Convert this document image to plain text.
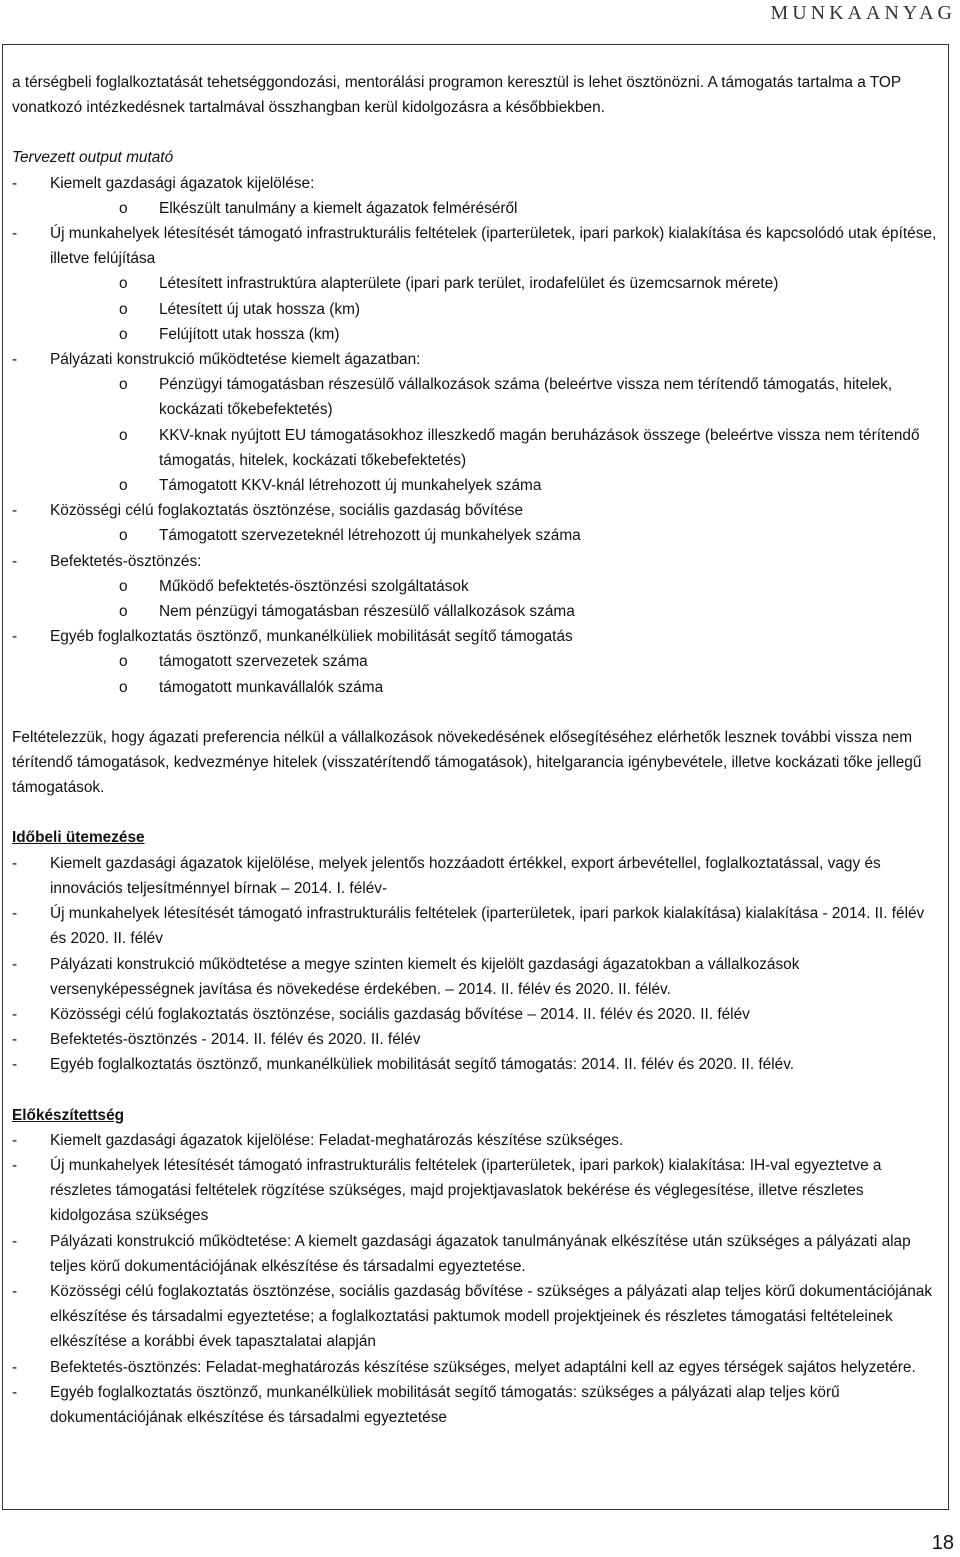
MUNKAANYAG

a térségbeli foglalkoztatását tehetséggondozási, mentorálási programon keresztül is lehet ösztönözni. A támogatás tartalma a TOP vonatkozó intézkedésnek tartalmával összhangban kerül kidolgozásra a későbbiekben.

Tervezett output mutató

- Kiemelt gazdasági ágazatok kijelölése:
o Elkészült tanulmány a kiemelt ágazatok felméréséről
- Új munkahelyek létesítését támogató infrastrukturális feltételek (iparterületek, ipari parkok) kialakítása és kapcsolódó utak építése, illetve felújítása
o Létesített infrastruktúra alapterülete (ipari park terület, irodafelület és üzemcsarnok mérete)
o Létesített új utak hossza (km)
o Felújított utak hossza (km)
- Pályázati konstrukció működtetése kiemelt ágazatban:
o Pénzügyi támogatásban részesülő vállalkozások száma (beleértve vissza nem térítendő támogatás, hitelek, kockázati tőkebefektetés)
o KKV-knak nyújtott EU támogatásokhoz illeszkedő magán beruházások összege (beleértve vissza nem térítendő támogatás, hitelek, kockázati tőkebefektetés)
o Támogatott KKV-knál létrehozott új munkahelyek száma
- Közösségi célú foglakoztatás ösztönzése, sociális gazdaság bővítése
o Támogatott szervezeteknél létrehozott új munkahelyek száma
- Befektetés-ösztönzés:
o Működő befektetés-ösztönzési szolgáltatások
o Nem pénzügyi támogatásban részesülő vállalkozások száma
- Egyéb foglalkoztatás ösztönző, munkanélküliek mobilitását segítő támogatás
o támogatott szervezetek száma
o támogatott munkavállalók száma

Feltételezzük, hogy ágazati preferencia nélkül a vállalkozások növekedésének elősegítéséhez elérhetők lesznek további vissza nem térítendő támogatások, kedvezménye hitelek (visszatérítendő támogatások), hitelgarancia igénybevétele, illetve kockázati tőke jellegű támogatások.

Időbeli ütemezése

- Kiemelt gazdasági ágazatok kijelölése, melyek jelentős hozzáadott értékkel, export árbevétellel, foglalkoztatással, vagy és innovációs teljesítménnyel bírnak – 2014. I. félév-
- Új munkahelyek létesítését támogató infrastrukturális feltételek (iparterületek, ipari parkok kialakítása) kialakítása - 2014. II. félév és 2020. II. félév
- Pályázati konstrukció működtetése a megye szinten kiemelt és kijelölt gazdasági ágazatokban a vállalkozások versenyképességnek javítása és növekedése érdekében. – 2014. II. félév és 2020. II. félév.
- Közösségi célú foglakoztatás ösztönzése, sociális gazdaság bővítése – 2014. II. félév és 2020. II. félév
- Befektetés-ösztönzés - 2014. II. félév és 2020. II. félév
- Egyéb foglalkoztatás ösztönző, munkanélküliek mobilitását segítő támogatás: 2014. II. félév és 2020. II. félév.

Előkészítettség

- Kiemelt gazdasági ágazatok kijelölése: Feladat-meghatározás készítése szükséges.
- Új munkahelyek létesítését támogató infrastrukturális feltételek (iparterületek, ipari parkok) kialakítása: IH-val egyeztetve a részletes támogatási feltételek rögzítése szükséges, majd projektjavaslatok bekérése és véglegesítése, illetve részletes kidolgozása szükséges
- Pályázati konstrukció működtetése: A kiemelt gazdasági ágazatok tanulmányának elkészítése után szükséges a pályázati alap teljes körű dokumentációjának elkészítése és társadalmi egyeztetése.
- Közösségi célú foglakoztatás ösztönzése, sociális gazdaság bővítése - szükséges a pályázati alap teljes körű dokumentációjának elkészítése és társadalmi egyeztetése; a foglalkoztatási paktumok modell projektjeinek és részletes támogatási feltételeinek elkészítése a korábbi évek tapasztalatai alapján
- Befektetés-ösztönzés: Feladat-meghatározás készítése szükséges, melyet adaptálni kell az egyes térségek sajátos helyzetére.
- Egyéb foglalkoztatás ösztönző, munkanélküliek mobilitását segítő támogatás: szükséges a pályázati alap teljes körű dokumentációjának elkészítése és társadalmi egyeztetése
18
